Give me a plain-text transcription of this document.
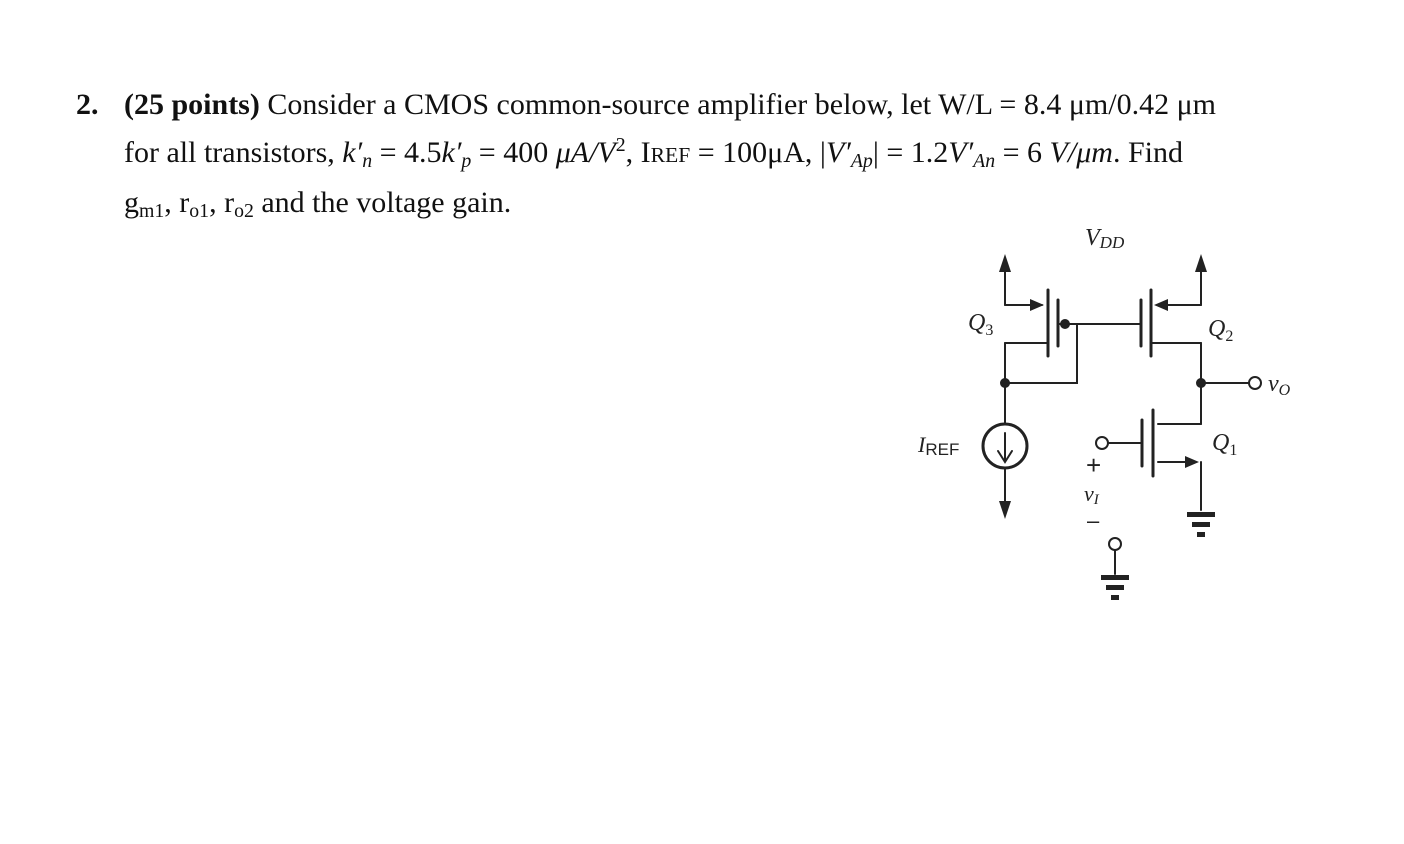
2. (25 points) Consider a CMOS common-source amplifier below, let W/L = 8.4 μm/0.42 μm
for all transistors, $k'_n = 4.5k'_p = 400$ $\mu A/V^2$, IREF = 100μA, $|V'_{Ap}| = 1.2V'_{An} = 6$ V/μm. Find
$g_{m1}$, $r_{o1}$, $r_{o2}$ and the voltage gain.
VDD
$Q_3$	$Q_2$
$Q_1$
vO
IREF
+
vI
–
